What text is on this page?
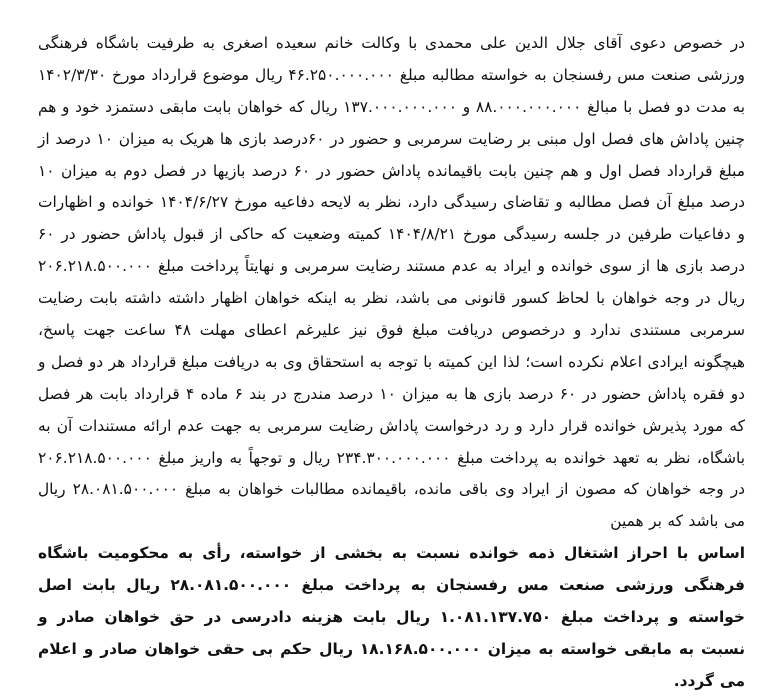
در خصوص دعوی آقای جلال الدین علی محمدی با وکالت خانم سعیده اصغری به طرفیت باشگاه فرهنگی ورزشی صنعت مس رفسنجان به خواسته مطالبه مبلغ ۴۶.۲۵۰.۰۰۰.۰۰۰ ریال موضوع قرارداد مورخ ۱۴۰۲/۳/۳۰ به مدت دو فصل با مبالغ ۸۸.۰۰۰.۰۰۰.۰۰۰ و ۱۳۷.۰۰۰.۰۰۰.۰۰۰ ریال که خواهان بابت مابقی دستمزد خود و هم چنین پاداش های فصل اول مبنی بر رضایت سرمربی و حضور در ۶۰درصد بازی ها هریک به میزان ۱۰ درصد از مبلغ قرارداد فصل اول و هم چنین بابت باقیمانده پاداش حضور در ۶۰ درصد بازیها در فصل دوم به میزان ۱۰ درصد مبلغ آن فصل مطالبه و تقاضای رسیدگی دارد، نظر به لایحه دفاعیه مورخ ۱۴۰۴/۶/۲۷ خوانده و اظهارات و دفاعیات طرفین در جلسه رسیدگی مورخ ۱۴۰۴/۸/۲۱ کمیته وضعیت که حاکی از قبول پاداش حضور در ۶۰ درصد بازی ها از سوی خوانده و ایراد به عدم مستند رضایت سرمربی و نهایتاً پرداخت مبلغ ۲۰۶.۲۱۸.۵۰۰.۰۰۰ ریال در وجه خواهان با لحاظ کسور قانونی می باشد، نظر به اینکه خواهان اظهار داشته داشته بابت رضایت سرمربی مستندی ندارد و درخصوص دریافت مبلغ فوق نیز علیرغم اعطای مهلت ۴۸ ساعت جهت پاسخ، هیچگونه ایرادی اعلام نکرده است؛ لذا این کمیته با توجه به استحقاق وی به دریافت مبلغ قرارداد هر دو فصل و دو فقره پاداش حضور در ۶۰ درصد بازی ها به میزان ۱۰ درصد مندرج در بند ۶ ماده ۴ قرارداد بابت هر فصل که مورد پذیرش خوانده قرار دارد و رد درخواست پاداش رضایت سرمربی به جهت عدم ارائه مستندات آن به باشگاه، نظر به تعهد خوانده به پرداخت مبلغ ۲۳۴.۳۰۰.۰۰۰.۰۰۰ ریال و توجهاً به واریز مبلغ ۲۰۶.۲۱۸.۵۰۰.۰۰۰ در وجه خواهان که مصون از ایراد وی باقی مانده، باقیمانده مطالبات خواهان به مبلغ ۲۸.۰۸۱.۵۰۰.۰۰۰ ریال می باشد که بر همین

اساس با احراز اشتغال ذمه خوانده نسبت به بخشی از خواسته، رأی به محکومیت باشگاه فرهنگی ورزشی صنعت مس رفسنجان به پرداخت مبلغ ۲۸.۰۸۱.۵۰۰.۰۰۰ ریال بابت اصل خواسته و پرداخت مبلغ ۱.۰۸۱.۱۳۷.۷۵۰ ریال بابت هزینه دادرسی در حق خواهان صادر و نسبت به مابقی خواسته به میزان ۱۸.۱۶۸.۵۰۰.۰۰۰ ریال حکم بی حقی خواهان صادر و اعلام می گردد.
